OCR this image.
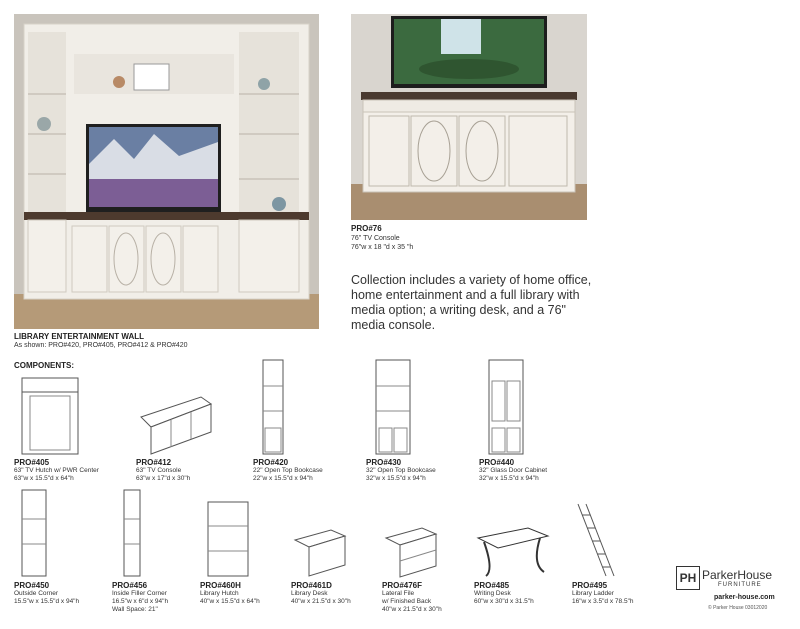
LIBRARY ENTERTAINMENT WALL
As shown: PRO#420, PRO#405, PRO#412 & PRO#420
PRO#76
76" TV Console
76"w x 18 "d x 35 "h
Collection includes a variety of home office,
home entertainment and a full library with
media option; a writing desk, and a 76"
media console.
COMPONENTS:
PRO#405
63" TV Hutch w/ PWR Center
63"w x 15.5"d x 64"h
PRO#412
63" TV Console
63"w x 17"d x 30"h
PRO#420
22" Open Top Bookcase
22"w x 15.5"d x 94"h
PRO#430
32" Open Top Bookcase
32"w x 15.5"d x 94"h
PRO#440
32" Glass Door Cabinet
32"w x 15.5"d x 94"h
PRO#450
Outside Corner
15.5"w x 15.5"d x 94"h
PRO#456
Inside Filler Corner
16.5"w x 6"d x 94"h
Wall Space: 21"
PRO#460H
Library Hutch
40"w x 15.5"d x 64"h
PRO#461D
Library Desk
40"w x 21.5"d x 30"h
PRO#476F
Lateral File
w/ Finished Back
40"w x 21.5"d x 30"h
PRO#485
Writing Desk
60"w x 30"d x 31.5"h
PRO#495
Library Ladder
16"w x 3.5"d x 78.5"h
PH ParkerHouse
FURNITURE
parker-house.com
© Parker House 03012020
